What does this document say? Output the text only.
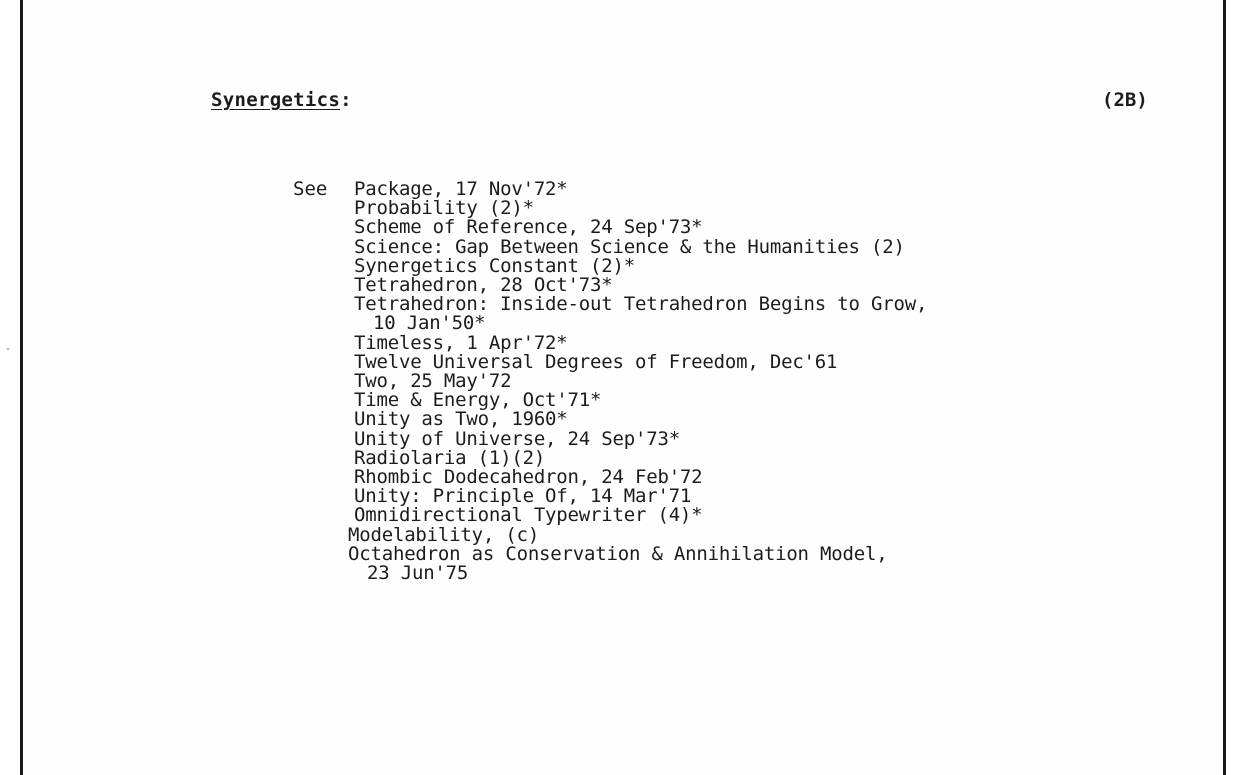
Synergetics:	(2B)
See Package, 17 Nov'72*
Probability (2)*
Scheme of Reference, 24 Sep'73*
Science: Gap Between Science & the Humanities (2)
Synergetics Constant (2)*
Tetrahedron, 28 Oct'73*
Tetrahedron: Inside-out Tetrahedron Begins to Grow,
10 Jan'50*
Timeless, 1 Apr'72*
Twelve Universal Degrees of Freedom, Dec'61
Two, 25 May'72
Time & Energy, Oct'71*
Unity as Two, 1960*
Unity of Universe, 24 Sep'73*
Radiolaria (1)(2)
Rhombic Dodecahedron, 24 Feb'72
Unity: Principle Of, 14 Mar'71
Omnidirectional Typewriter (4)*
Modelability, (c)
Octahedron as Conservation & Annihilation Model,
23 Jun'75
